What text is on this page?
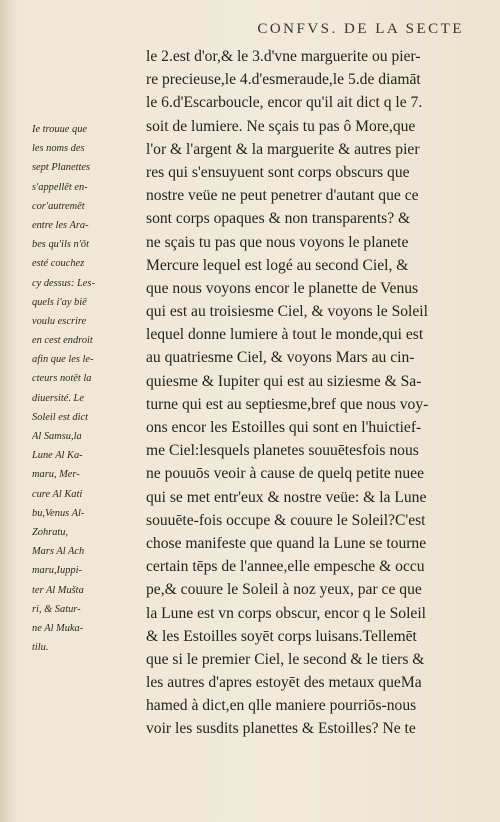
CONFVS. DE LA SECTE
Ie trouue que
les noms des
sept Planettes
s'appellēt en-
cor'autremēt
entre les Ara-
bes qu'ils n'ōt
esté couchez
cy dessus: Les-
quels i'ay biē
voulu escrire
en cest endroit
afin que les le-
cteurs notēt la
diuersité. Le
Soleil est dict
Al Samsu,la
Lune Al Ka-
maru, Mer-
cure Al Kati
bu,Venus Al-
Zohratu,
Mars Al Ach
maru,Iuppi-
ter Al Mušta
ri, & Satur-
ne Al Muka-
tilu.
le 2.est d'or,& le 3.d'vne marguerite ou pier-
re precieuse,le 4.d'esmeraude,le 5.de diamāt
le 6.d'Escarboucle, encor qu'il ait dict q le 7.
soit de lumiere. Ne sçais tu pas ô More,que
l'or & l'argent & la marguerite & autres pier
res qui s'ensuyuent sont corps obscurs que
nostre veüe ne peut penetrer d'autant que ce
sont corps opaques & non transparents? &
ne sçais tu pas que nous voyons le planete
Mercure lequel est logé au second Ciel, &
que nous voyons encor le planette de Venus
qui est au troisiesme Ciel, & voyons le Soleil
lequel donne lumiere à tout le monde,qui est
au quatriesme Ciel, & voyons Mars au cin-
quiesme & Iupiter qui est au siziesme & Sa-
turne qui est au septiesme,bref que nous voy-
ons encor les Estoilles qui sont en l'huictief-
me Ciel:lesquels planetes souuētesfois nous
ne pouuōs veoir à cause de quelq petite nuee
qui se met entr'eux & nostre veüe: & la Lune
souuēte-fois occupe & couure le Soleil?C'est
chose manifeste que quand la Lune se tourne
certain tēps de l'annee,elle empesche & occu
pe,& couure le Soleil à noz yeux, par ce que
la Lune est vn corps obscur, encor q le Soleil
& les Estoilles soyēt corps luisans.Tellemēt
que si le premier Ciel, le second & le tiers &
les autres d'apres estoyēt des metaux queMa
hamed à dict,en qlle maniere pourriōs-nous
voir les susdits planettes & Estoilles? Ne te
